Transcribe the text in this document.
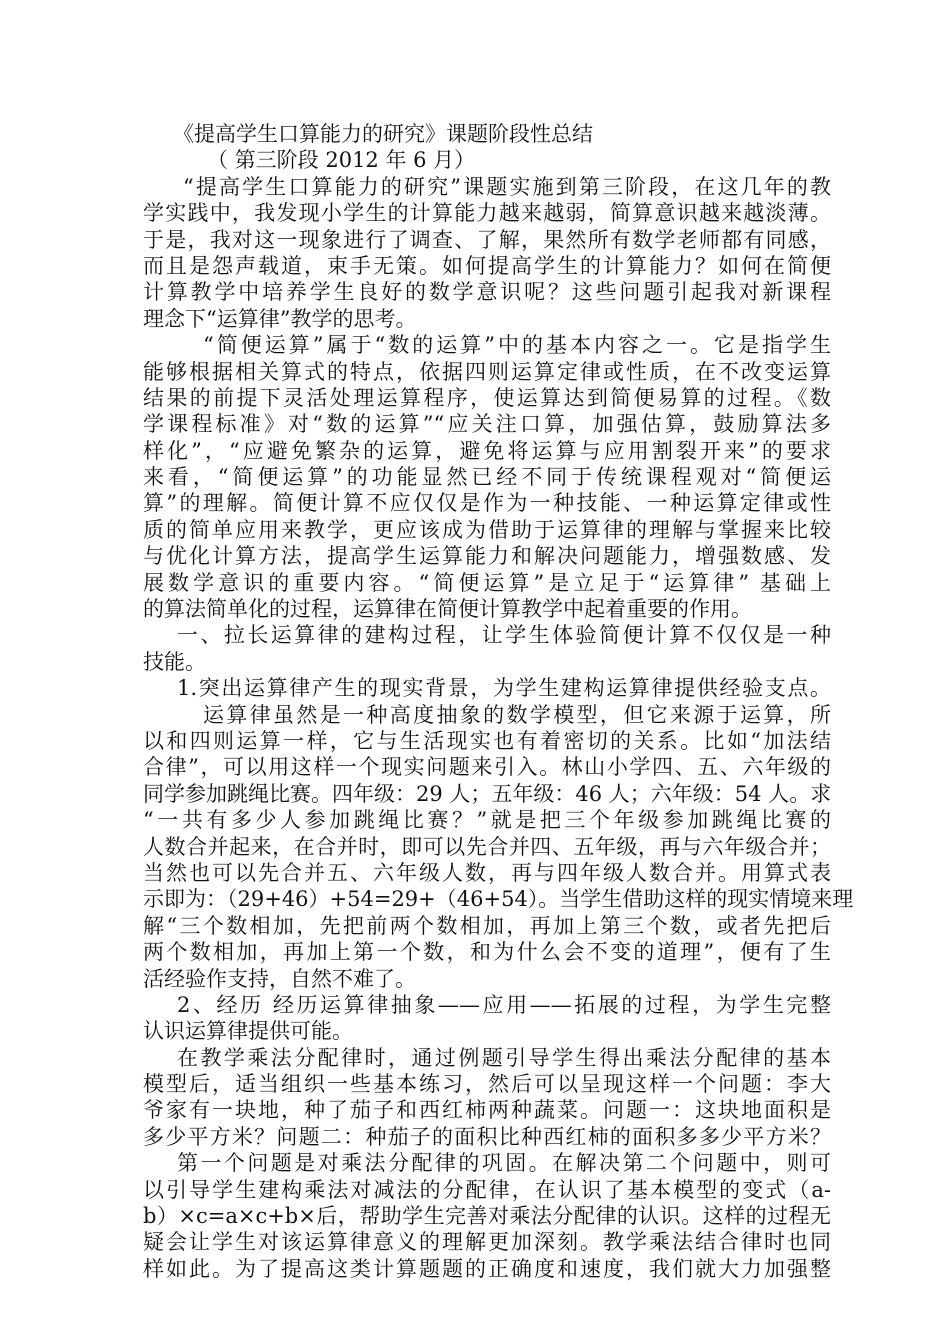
《提高学生口算能力的研究》课题阶段性总结
（ 第三阶段 2012 年 6 月）
“提高学生口算能力的研究”课题实施到第三阶段，在这几年的教
学实践中，我发现小学生的计算能力越来越弱，简算意识越来越淡薄。
于是，我对这一现象进行了调查、了解，果然所有数学老师都有同感，
而且是怨声载道，束手无策。如何提高学生的计算能力？如何在简便
计算教学中培养学生良好的数学意识呢？这些问题引起我对新课程
理念下“运算律”教学的思考。
“简便运算”属于“数的运算”中的基本内容之一。它是指学生
能够根据相关算式的特点，依据四则运算定律或性质，在不改变运算
结果的前提下灵活处理运算程序，使运算达到简便易算的过程。《数
学课程标准》对“数的运算”“应关注口算，加强估算，鼓励算法多
样化”，“应避免繁杂的运算，避免将运算与应用割裂开来”的要求
来看，“简便运算”的功能显然已经不同于传统课程观对“简便运
算”的理解。简便计算不应仅仅是作为一种技能、一种运算定律或性
质的简单应用来教学，更应该成为借助于运算律的理解与掌握来比较
与优化计算方法，提高学生运算能力和解决问题能力，增强数感、发
展数学意识的重要内容。“简便运算”是立足于“运算律” 基础上
的算法简单化的过程，运算律在简便计算教学中起着重要的作用。
一、拉长运算律的建构过程，让学生体验简便计算不仅仅是一种
技能。
1.突出运算律产生的现实背景，为学生建构运算律提供经验支点。
运算律虽然是一种高度抽象的数学模型，但它来源于运算，所
以和四则运算一样，它与生活现实也有着密切的关系。比如“加法结
合律”，可以用这样一个现实问题来引入。林山小学四、五、六年级的
同学参加跳绳比赛。四年级：29 人；五年级：46 人；六年级：54 人。求
“一共有多少人参加跳绳比赛？”就是把三个年级参加跳绳比赛的
人数合并起来，在合并时，即可以先合并四、五年级，再与六年级合并；
当然也可以先合并五、六年级人数，再与四年级人数合并。用算式表
示即为：（29+46）+54=29+（46+54）。当学生借助这样的现实情境来理
解“三个数相加，先把前两个数相加，再加上第三个数，或者先把后
两个数相加，再加上第一个数，和为什么会不变的道理”，便有了生
活经验作支持，自然不难了。
2、经历 经历运算律抽象——应用——拓展的过程，为学生完整
认识运算律提供可能。
在教学乘法分配律时，通过例题引导学生得出乘法分配律的基本
模型后，适当组织一些基本练习，然后可以呈现这样一个问题：李大
爷家有一块地，种了茄子和西红柿两种蔬菜。问题一：这块地面积是
多少平方米？问题二：种茄子的面积比种西红柿的面积多多少平方米？
第一个问题是对乘法分配律的巩固。在解决第二个问题中，则可
以引导学生建构乘法对减法的分配律，在认识了基本模型的变式（a-
b）×c=a×c+b×后，帮助学生完善对乘法分配律的认识。这样的过程无
疑会让学生对该运算律意义的理解更加深刻。教学乘法结合律时也同
样如此。为了提高这类计算题题的正确度和速度，我们就大力加强整
